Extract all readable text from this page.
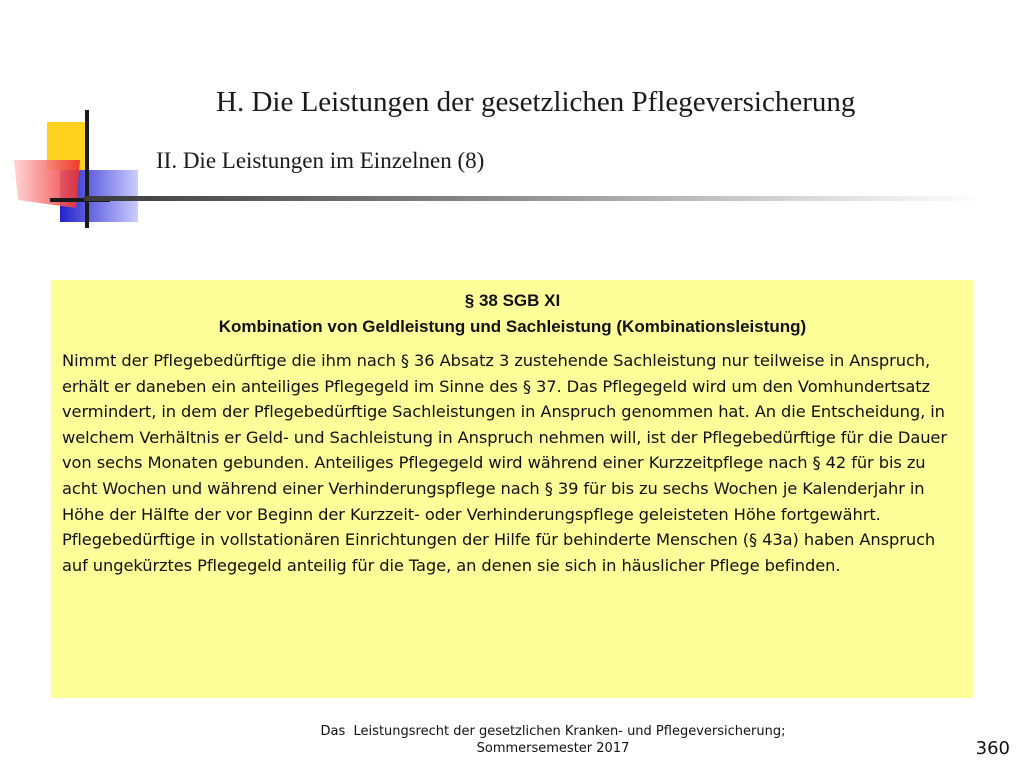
H. Die Leistungen der gesetzlichen Pflegeversicherung
II. Die Leistungen im Einzelnen (8)
§ 38 SGB XI
Kombination von Geldleistung und Sachleistung (Kombinationsleistung)
Nimmt der Pflegebedürftige die ihm nach § 36 Absatz 3 zustehende Sachleistung nur teilweise in Anspruch, erhält er daneben ein anteiliges Pflegegeld im Sinne des § 37. Das Pflegegeld wird um den Vomhundertsatz vermindert, in dem der Pflegebedürftige Sachleistungen in Anspruch genommen hat. An die Entscheidung, in welchem Verhältnis er Geld- und Sachleistung in Anspruch nehmen will, ist der Pflegebedürftige für die Dauer von sechs Monaten gebunden. Anteiliges Pflegegeld wird während einer Kurzzeitpflege nach § 42 für bis zu acht Wochen und während einer Verhinderungspflege nach § 39 für bis zu sechs Wochen je Kalenderjahr in Höhe der Hälfte der vor Beginn der Kurzzeit- oder Verhinderungspflege geleisteten Höhe fortgewährt. Pflegebedürftige in vollstationären Einrichtungen der Hilfe für behinderte Menschen (§ 43a) haben Anspruch auf ungekürztes Pflegegeld anteilig für die Tage, an denen sie sich in häuslicher Pflege befinden.
Das  Leistungsrecht der gesetzlichen Kranken- und Pflegeversicherung;
Sommersemester 2017	360
